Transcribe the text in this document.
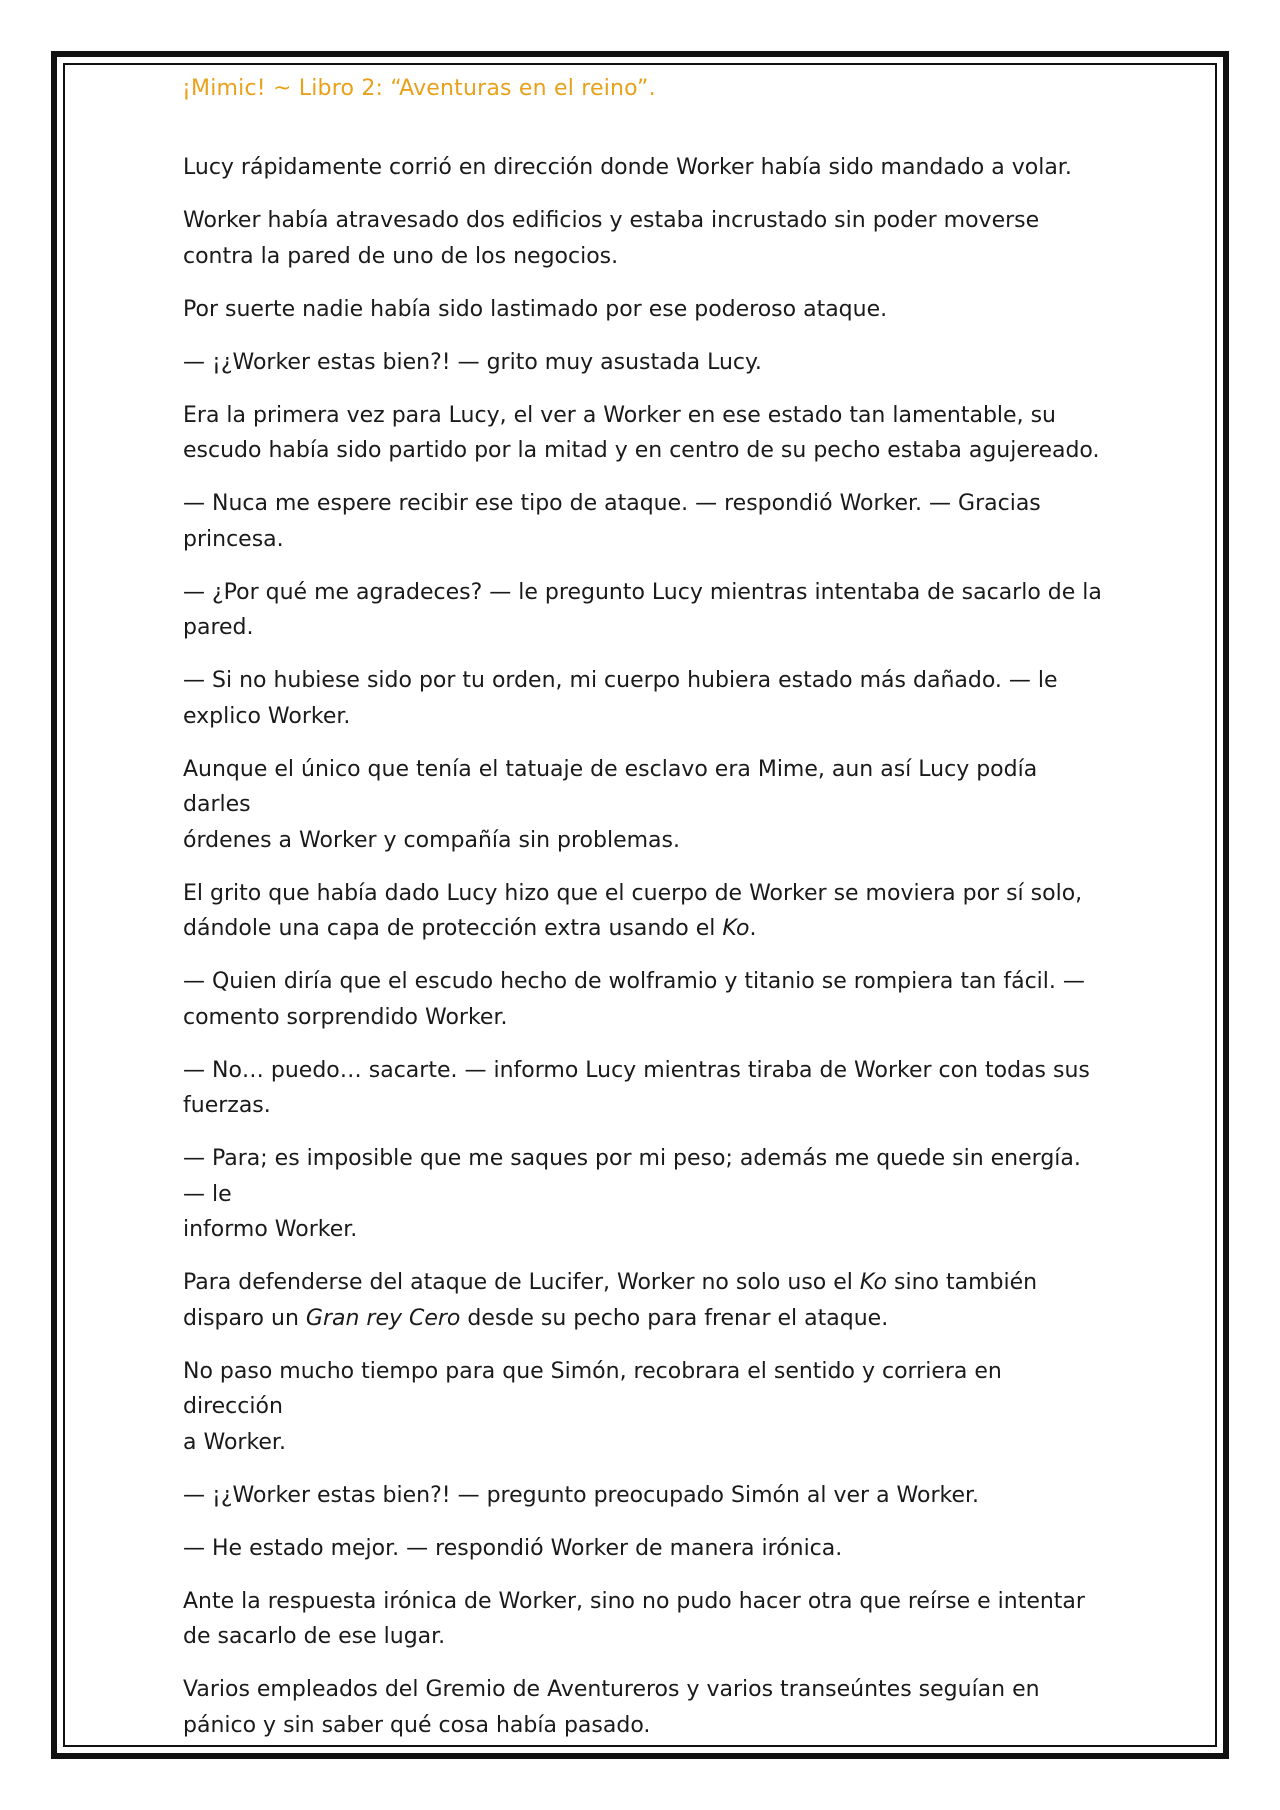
¡Mimic! ~ Libro 2: “Aventuras en el reino”.

Lucy rápidamente corrió en dirección donde Worker había sido mandado a volar.

Worker había atravesado dos edificios y estaba incrustado sin poder moverse
contra la pared de uno de los negocios.

Por suerte nadie había sido lastimado por ese poderoso ataque.

— ¡¿Worker estas bien?! — grito muy asustada Lucy.

Era la primera vez para Lucy, el ver a Worker en ese estado tan lamentable, su
escudo había sido partido por la mitad y en centro de su pecho estaba agujereado.

— Nuca me espere recibir ese tipo de ataque. — respondió Worker. — Gracias
princesa.

— ¿Por qué me agradeces? — le pregunto Lucy mientras intentaba de sacarlo de la
pared.

— Si no hubiese sido por tu orden, mi cuerpo hubiera estado más dañado. — le
explico Worker.

Aunque el único que tenía el tatuaje de esclavo era Mime, aun así Lucy podía darles
órdenes a Worker y compañía sin problemas.

El grito que había dado Lucy hizo que el cuerpo de Worker se moviera por sí solo,
dándole una capa de protección extra usando el Ko.

— Quien diría que el escudo hecho de wolframio y titanio se rompiera tan fácil. —
comento sorprendido Worker.

— No… puedo… sacarte. — informo Lucy mientras tiraba de Worker con todas sus
fuerzas.

— Para; es imposible que me saques por mi peso; además me quede sin energía. — le
informo Worker.

Para defenderse del ataque de Lucifer, Worker no solo uso el Ko sino también
disparo un Gran rey Cero desde su pecho para frenar el ataque.

No paso mucho tiempo para que Simón, recobrara el sentido y corriera en dirección
a Worker.

— ¡¿Worker estas bien?! — pregunto preocupado Simón al ver a Worker.

— He estado mejor. — respondió Worker de manera irónica.

Ante la respuesta irónica de Worker, sino no pudo hacer otra que reírse e intentar
de sacarlo de ese lugar.

Varios empleados del Gremio de Aventureros y varios transeúntes seguían en
pánico y sin saber qué cosa había pasado.
